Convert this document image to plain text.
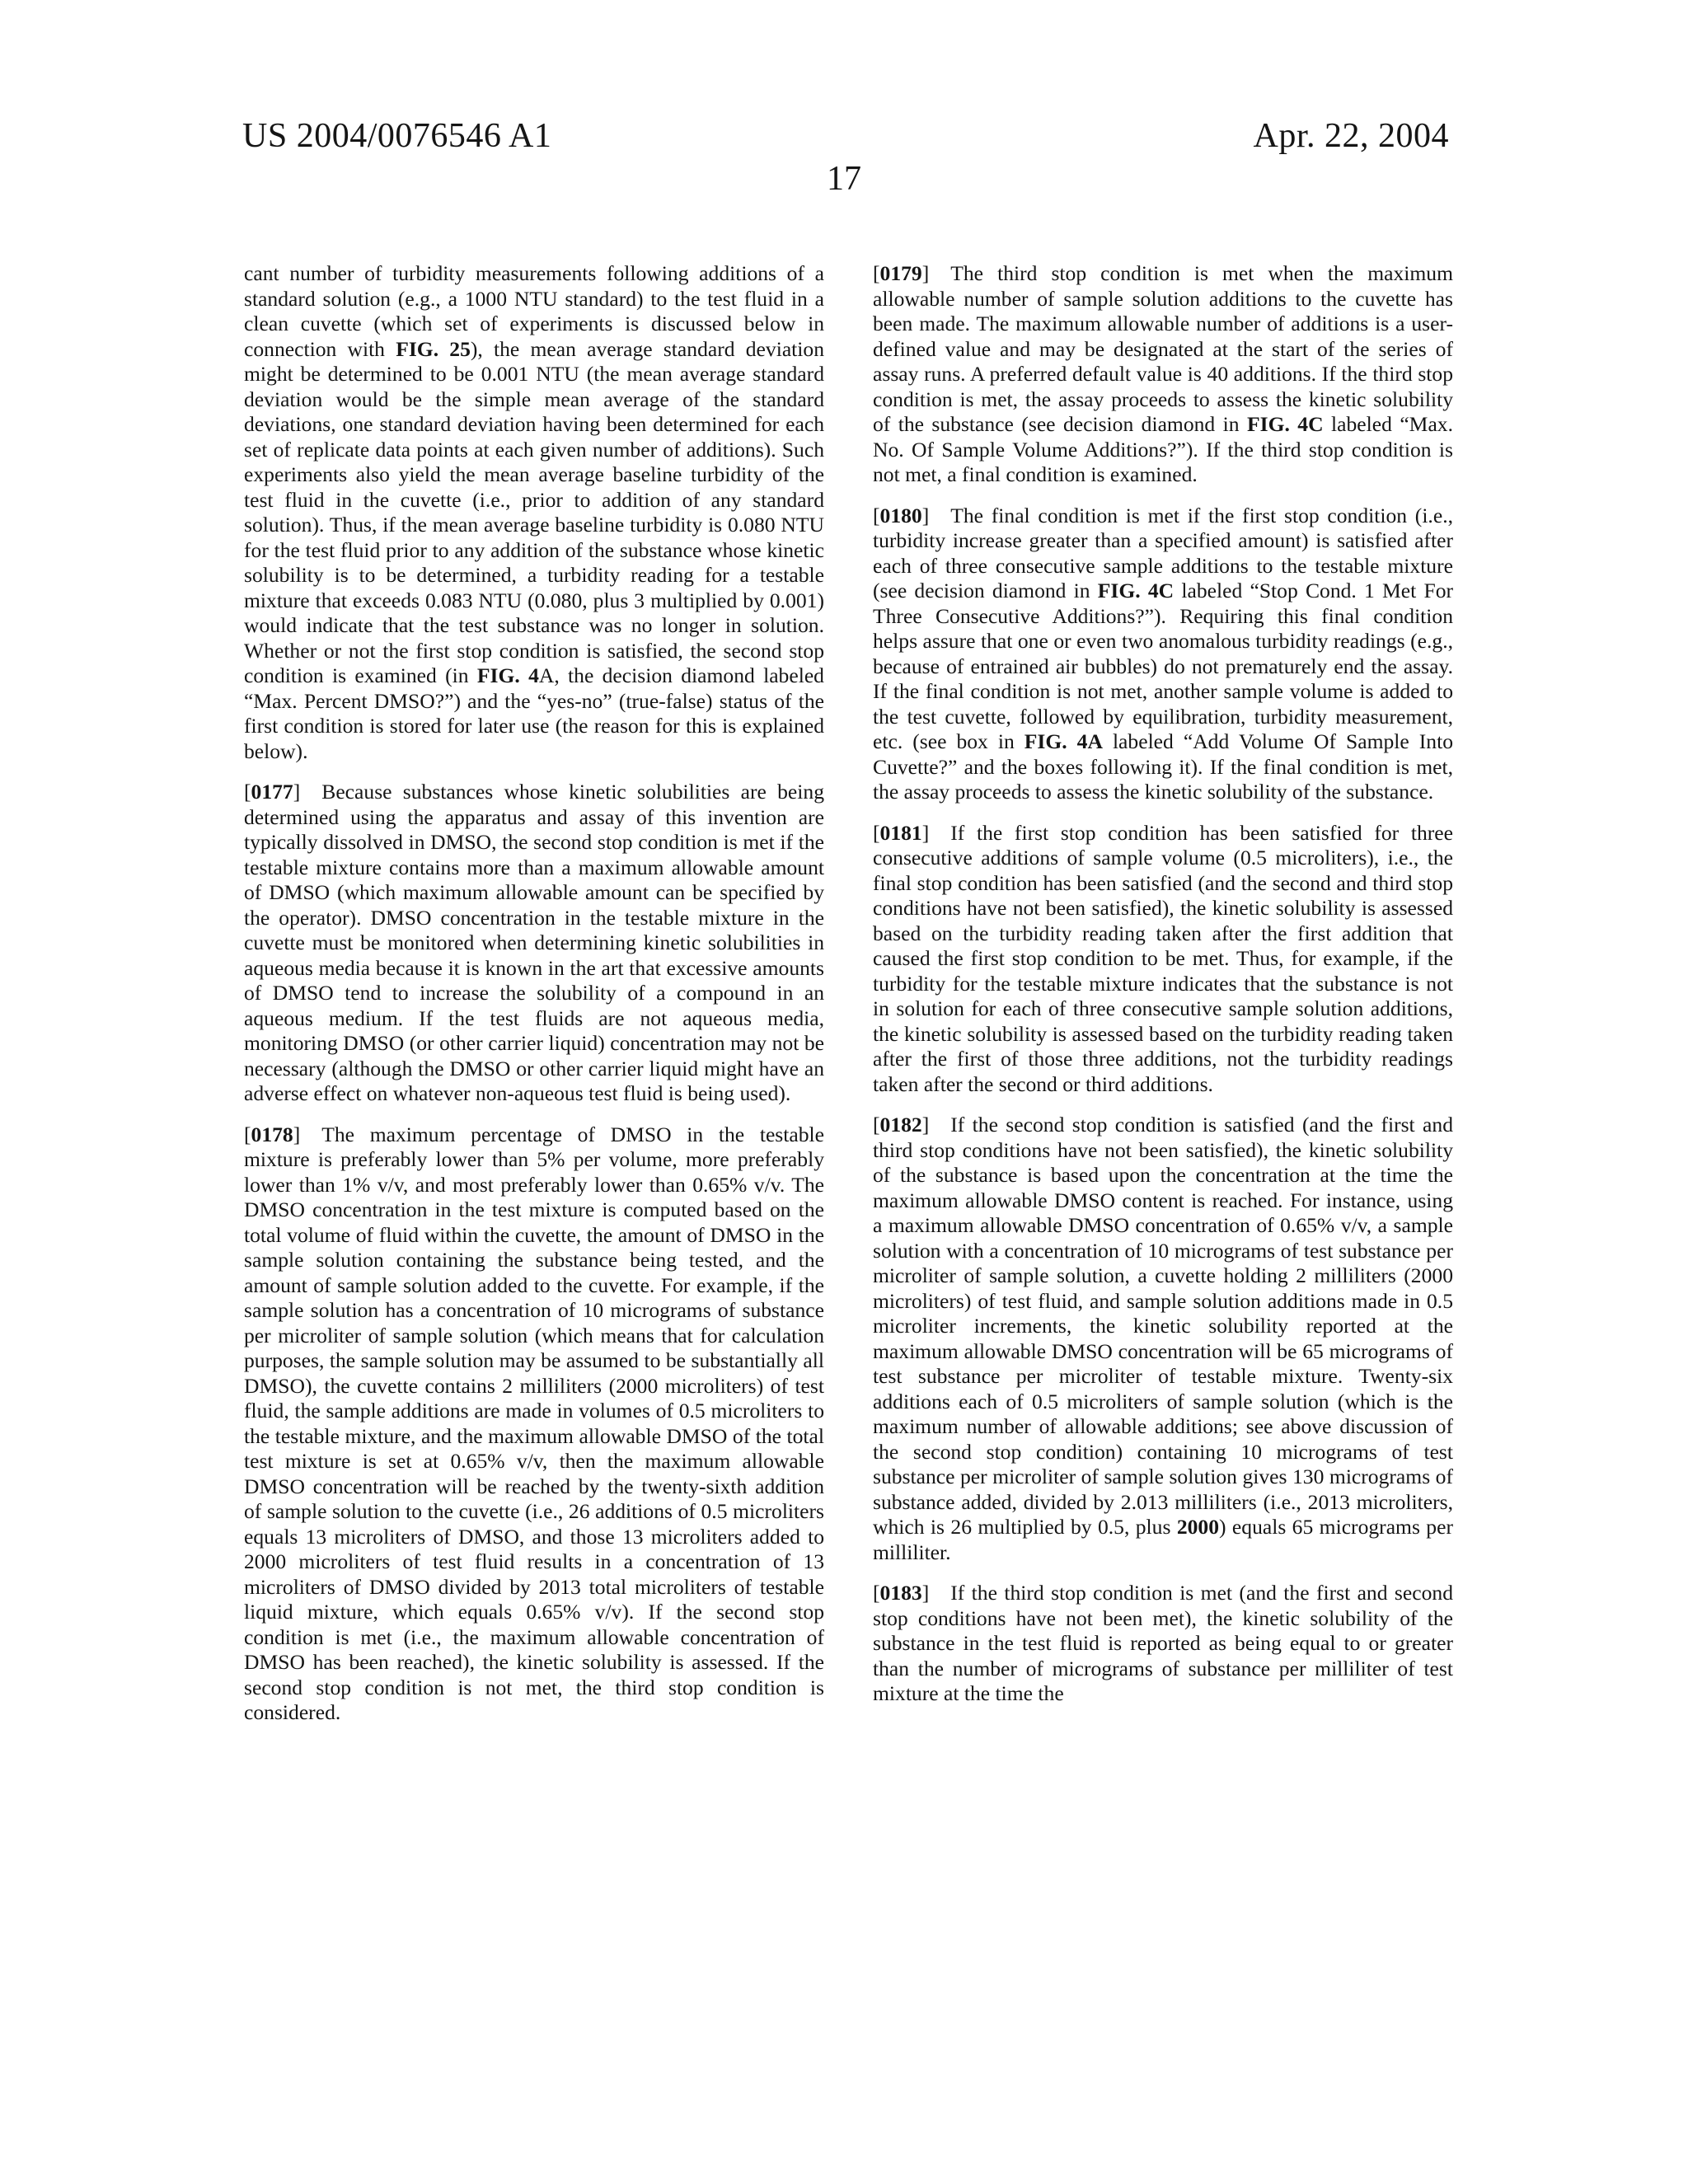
US 2004/0076546 A1	Apr. 22, 2004
17

cant number of turbidity measurements following additions of a standard solution (e.g., a 1000 NTU standard) to the test fluid in a clean cuvette (which set of experiments is discussed below in connection with FIG. 25), the mean average standard deviation might be determined to be 0.001 NTU (the mean average standard deviation would be the simple mean average of the standard deviations, one standard deviation having been determined for each set of replicate data points at each given number of additions). Such experiments also yield the mean average baseline turbidity of the test fluid in the cuvette (i.e., prior to addition of any standard solution). Thus, if the mean average baseline turbidity is 0.080 NTU for the test fluid prior to any addition of the substance whose kinetic solubility is to be determined, a turbidity reading for a testable mixture that exceeds 0.083 NTU (0.080, plus 3 multiplied by 0.001) would indicate that the test substance was no longer in solution. Whether or not the first stop condition is satisfied, the second stop condition is examined (in FIG. 4A, the decision diamond labeled “Max. Percent DMSO?”) and the “yes-no” (true-false) status of the first condition is stored for later use (the reason for this is explained below).

[0177] Because substances whose kinetic solubilities are being determined using the apparatus and assay of this invention are typically dissolved in DMSO, the second stop condition is met if the testable mixture contains more than a maximum allowable amount of DMSO (which maximum allowable amount can be specified by the operator). DMSO concentration in the testable mixture in the cuvette must be monitored when determining kinetic solubilities in aqueous media because it is known in the art that excessive amounts of DMSO tend to increase the solubility of a compound in an aqueous medium. If the test fluids are not aqueous media, monitoring DMSO (or other carrier liquid) concentration may not be necessary (although the DMSO or other carrier liquid might have an adverse effect on whatever non-aqueous test fluid is being used).

[0178] The maximum percentage of DMSO in the testable mixture is preferably lower than 5% per volume, more preferably lower than 1% v/v, and most preferably lower than 0.65% v/v. The DMSO concentration in the test mixture is computed based on the total volume of fluid within the cuvette, the amount of DMSO in the sample solution containing the substance being tested, and the amount of sample solution added to the cuvette. For example, if the sample solution has a concentration of 10 micrograms of substance per microliter of sample solution (which means that for calculation purposes, the sample solution may be assumed to be substantially all DMSO), the cuvette contains 2 milliliters (2000 microliters) of test fluid, the sample additions are made in volumes of 0.5 microliters to the testable mixture, and the maximum allowable DMSO of the total test mixture is set at 0.65% v/v, then the maximum allowable DMSO concentration will be reached by the twenty-sixth addition of sample solution to the cuvette (i.e., 26 additions of 0.5 microliters equals 13 microliters of DMSO, and those 13 microliters added to 2000 microliters of test fluid results in a concentration of 13 microliters of DMSO divided by 2013 total microliters of testable liquid mixture, which equals 0.65% v/v). If the second stop condition is met (i.e., the maximum allowable concentration of DMSO has been reached), the kinetic solubility is assessed. If the second stop condition is not met, the third stop condition is considered.

[0179] The third stop condition is met when the maximum allowable number of sample solution additions to the cuvette has been made. The maximum allowable number of additions is a user-defined value and may be designated at the start of the series of assay runs. A preferred default value is 40 additions. If the third stop condition is met, the assay proceeds to assess the kinetic solubility of the substance (see decision diamond in FIG. 4C labeled “Max. No. Of Sample Volume Additions?”). If the third stop condition is not met, a final condition is examined.

[0180] The final condition is met if the first stop condition (i.e., turbidity increase greater than a specified amount) is satisfied after each of three consecutive sample additions to the testable mixture (see decision diamond in FIG. 4C labeled “Stop Cond. 1 Met For Three Consecutive Additions?”). Requiring this final condition helps assure that one or even two anomalous turbidity readings (e.g., because of entrained air bubbles) do not prematurely end the assay. If the final condition is not met, another sample volume is added to the test cuvette, followed by equilibration, turbidity measurement, etc. (see box in FIG. 4A labeled “Add Volume Of Sample Into Cuvette?” and the boxes following it). If the final condition is met, the assay proceeds to assess the kinetic solubility of the substance.

[0181] If the first stop condition has been satisfied for three consecutive additions of sample volume (0.5 microliters), i.e., the final stop condition has been satisfied (and the second and third stop conditions have not been satisfied), the kinetic solubility is assessed based on the turbidity reading taken after the first addition that caused the first stop condition to be met. Thus, for example, if the turbidity for the testable mixture indicates that the substance is not in solution for each of three consecutive sample solution additions, the kinetic solubility is assessed based on the turbidity reading taken after the first of those three additions, not the turbidity readings taken after the second or third additions.

[0182] If the second stop condition is satisfied (and the first and third stop conditions have not been satisfied), the kinetic solubility of the substance is based upon the concentration at the time the maximum allowable DMSO content is reached. For instance, using a maximum allowable DMSO concentration of 0.65% v/v, a sample solution with a concentration of 10 micrograms of test substance per microliter of sample solution, a cuvette holding 2 milliliters (2000 microliters) of test fluid, and sample solution additions made in 0.5 microliter increments, the kinetic solubility reported at the maximum allowable DMSO concentration will be 65 micrograms of test substance per microliter of testable mixture. Twenty-six additions each of 0.5 microliters of sample solution (which is the maximum number of allowable additions; see above discussion of the second stop condition) containing 10 micrograms of test substance per microliter of sample solution gives 130 micrograms of substance added, divided by 2.013 milliliters (i.e., 2013 microliters, which is 26 multiplied by 0.5, plus 2000) equals 65 micrograms per milliliter.

[0183] If the third stop condition is met (and the first and second stop conditions have not been met), the kinetic solubility of the substance in the test fluid is reported as being equal to or greater than the number of micrograms of substance per milliliter of test mixture at the time the
